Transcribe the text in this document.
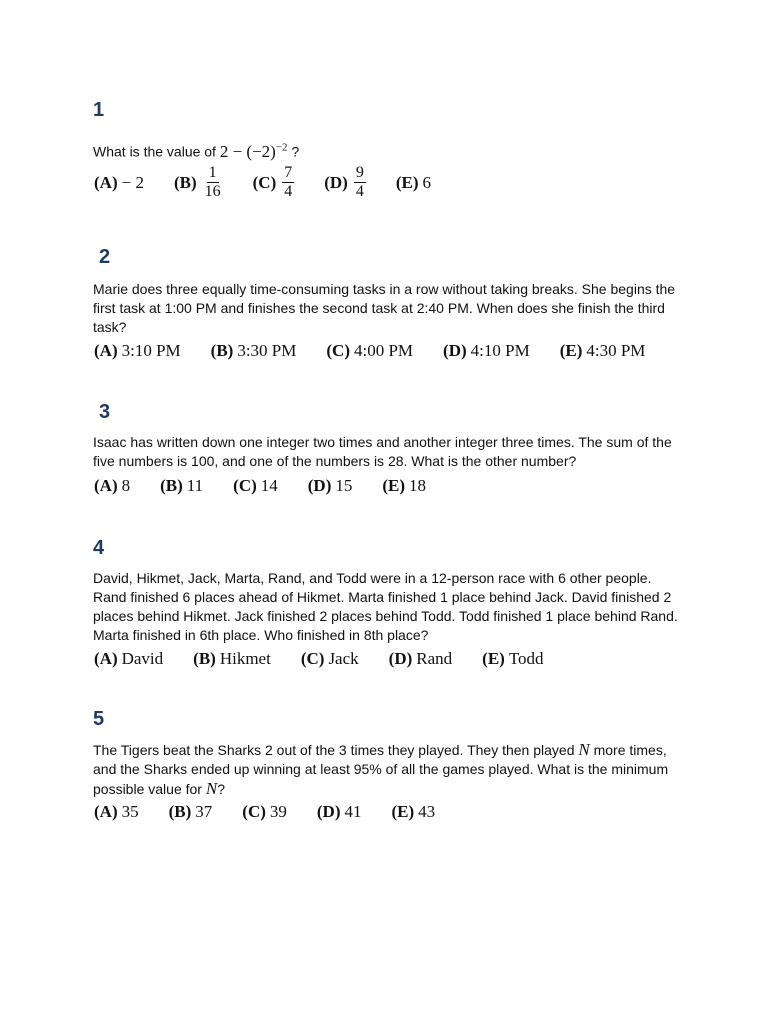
1
What is the value of $2 - (-2)^{-2}$ ?
(A) − 2 $(B) \frac{1}{16} (C) \frac{7}{4} (D) \frac{9}{4} (E)$ 6
2
Marie does three equally time-consuming tasks in a row without taking breaks. She begins the first task at 1:00 PM and finishes the second task at 2:40 PM. When does she finish the third task?
(A) 3:10 PM (B) 3:30 PM (C) 4:00 PM (D) 4:10 PM (E) 4:30 PM
3
Isaac has written down one integer two times and another integer three times. The sum of the five numbers is 100, and one of the numbers is 28. What is the other number?
(A) 8 (B) 11 (C) 14 (D) 15 (E) 18
4
David, Hikmet, Jack, Marta, Rand, and Todd were in a 12-person race with 6 other people. Rand finished 6 places ahead of Hikmet. Marta finished 1 place behind Jack. David finished 2 places behind Hikmet. Jack finished 2 places behind Todd. Todd finished 1 place behind Rand. Marta finished in 6th place. Who finished in 8th place?
(A) David (B) Hikmet (C) Jack (D) Rand (E) Todd
5
The Tigers beat the Sharks 2 out of the 3 times they played. They then played N more times, and the Sharks ended up winning at least 95% of all the games played. What is the minimum possible value for N?
(A) 35 (B) 37 (C) 39 (D) 41 (E) 43
